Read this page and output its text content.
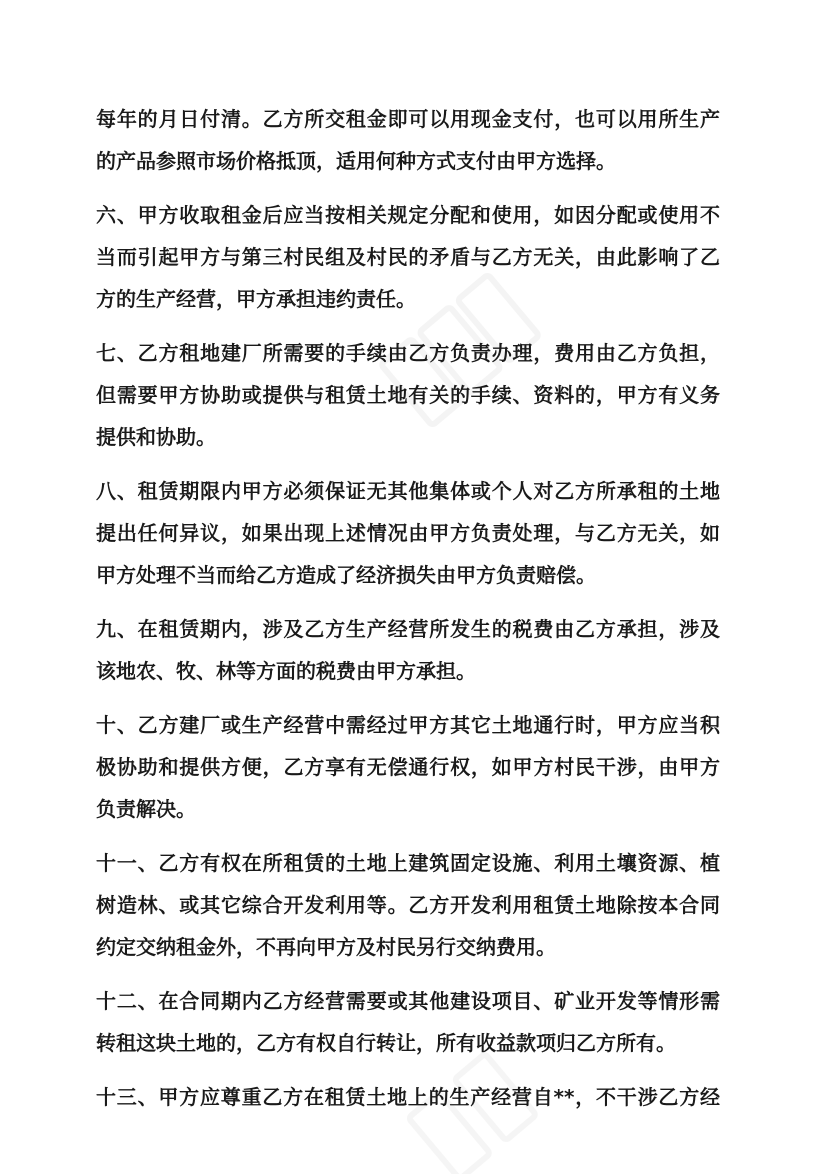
每年的月日付清。乙方所交租金即可以用现金支付，也可以用所生产
的产品参照市场价格抵顶，适用何种方式支付由甲方选择。
六、甲方收取租金后应当按相关规定分配和使用，如因分配或使用不
当而引起甲方与第三村民组及村民的矛盾与乙方无关，由此影响了乙
方的生产经营，甲方承担违约责任。
七、乙方租地建厂所需要的手续由乙方负责办理，费用由乙方负担，
但需要甲方协助或提供与租赁土地有关的手续、资料的，甲方有义务
提供和协助。
八、租赁期限内甲方必须保证无其他集体或个人对乙方所承租的土地
提出任何异议，如果出现上述情况由甲方负责处理，与乙方无关，如
甲方处理不当而给乙方造成了经济损失由甲方负责赔偿。
九、在租赁期内，涉及乙方生产经营所发生的税费由乙方承担，涉及
该地农、牧、林等方面的税费由甲方承担。
十、乙方建厂或生产经营中需经过甲方其它土地通行时，甲方应当积
极协助和提供方便，乙方享有无偿通行权，如甲方村民干涉，由甲方
负责解决。
十一、乙方有权在所租赁的土地上建筑固定设施、利用土壤资源、植
树造林、或其它综合开发利用等。乙方开发利用租赁土地除按本合同
约定交纳租金外，不再向甲方及村民另行交纳费用。
十二、在合同期内乙方经营需要或其他建设项目、矿业开发等情形需
转租这块土地的，乙方有权自行转让，所有收益款项归乙方所有。
十三、甲方应尊重乙方在租赁土地上的生产经营自**，不干涉乙方经
